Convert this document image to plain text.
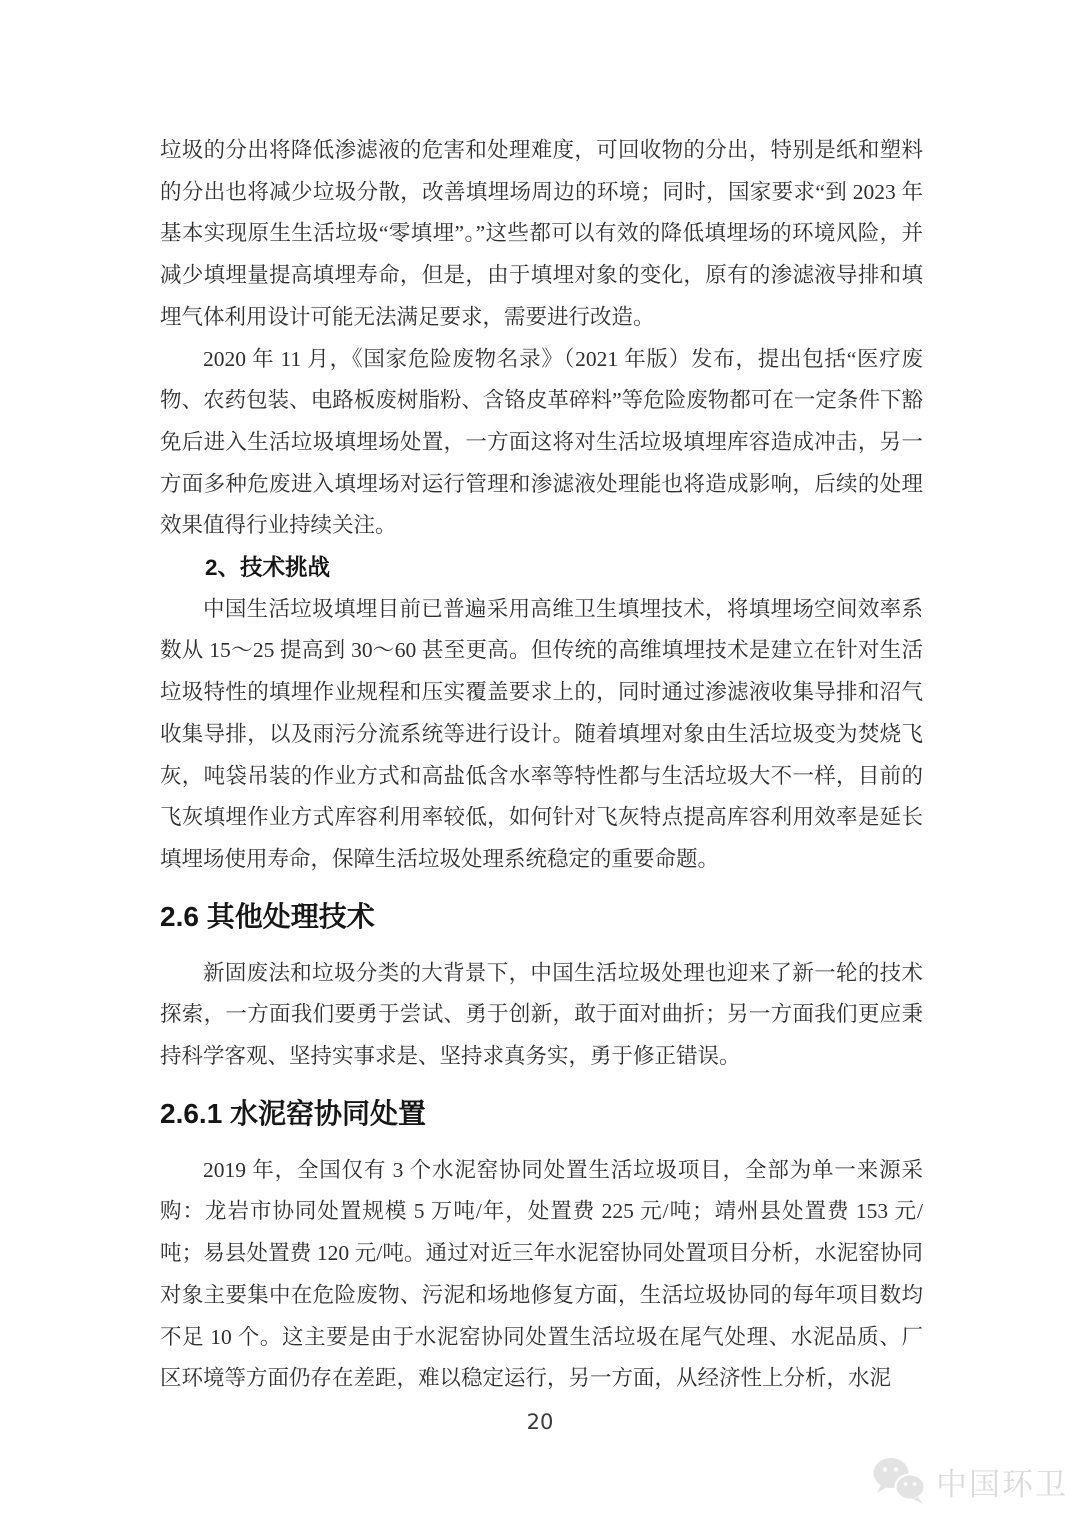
垃圾的分出将降低渗滤液的危害和处理难度，可回收物的分出，特别是纸和塑料的分出也将减少垃圾分散，改善填埋场周边的环境；同时，国家要求“到 2023 年基本实现原生生活垃圾“零填埋”。”这些都可以有效的降低填埋场的环境风险，并减少填埋量提高填埋寿命，但是，由于填埋对象的变化，原有的渗滤液导排和填埋气体利用设计可能无法满足要求，需要进行改造。

2020 年 11 月，《国家危险废物名录》（2021 年版）发布，提出包括“医疗废物、农药包装、电路板废树脂粉、含铬皮革碎料”等危险废物都可在一定条件下豁免后进入生活垃圾填埋场处置，一方面这将对生活垃圾填埋库容造成冲击，另一方面多种危废进入填埋场对运行管理和渗滤液处理能也将造成影响，后续的处理效果值得行业持续关注。

2、技术挑战

中国生活垃圾填埋目前已普遍采用高维卫生填埋技术，将填埋场空间效率系数从 15～25 提高到 30～60 甚至更高。但传统的高维填埋技术是建立在针对生活垃圾特性的填埋作业规程和压实覆盖要求上的，同时通过渗滤液收集导排和沼气收集导排，以及雨污分流系统等进行设计。随着填埋对象由生活垃圾变为焚烧飞灰，吨袋吊装的作业方式和高盐低含水率等特性都与生活垃圾大不一样，目前的飞灰填埋作业方式库容利用率较低，如何针对飞灰特点提高库容利用效率是延长填埋场使用寿命，保障生活垃圾处理系统稳定的重要命题。

2.6 其他处理技术

新固废法和垃圾分类的大背景下，中国生活垃圾处理也迎来了新一轮的技术探索，一方面我们要勇于尝试、勇于创新，敢于面对曲折；另一方面我们更应秉持科学客观、坚持实事求是、坚持求真务实，勇于修正错误。

2.6.1 水泥窑协同处置

2019 年，全国仅有 3 个水泥窑协同处置生活垃圾项目，全部为单一来源采购：龙岩市协同处置规模 5 万吨/年，处置费 225 元/吨；靖州县处置费 153 元/吨；易县处置费 120 元/吨。通过对近三年水泥窑协同处置项目分析，水泥窑协同对象主要集中在危险废物、污泥和场地修复方面，生活垃圾协同的每年项目数均不足 10 个。这主要是由于水泥窑协同处置生活垃圾在尾气处理、水泥品质、厂区环境等方面仍存在差距，难以稳定运行，另一方面，从经济性上分析，水泥

20
中国环卫
